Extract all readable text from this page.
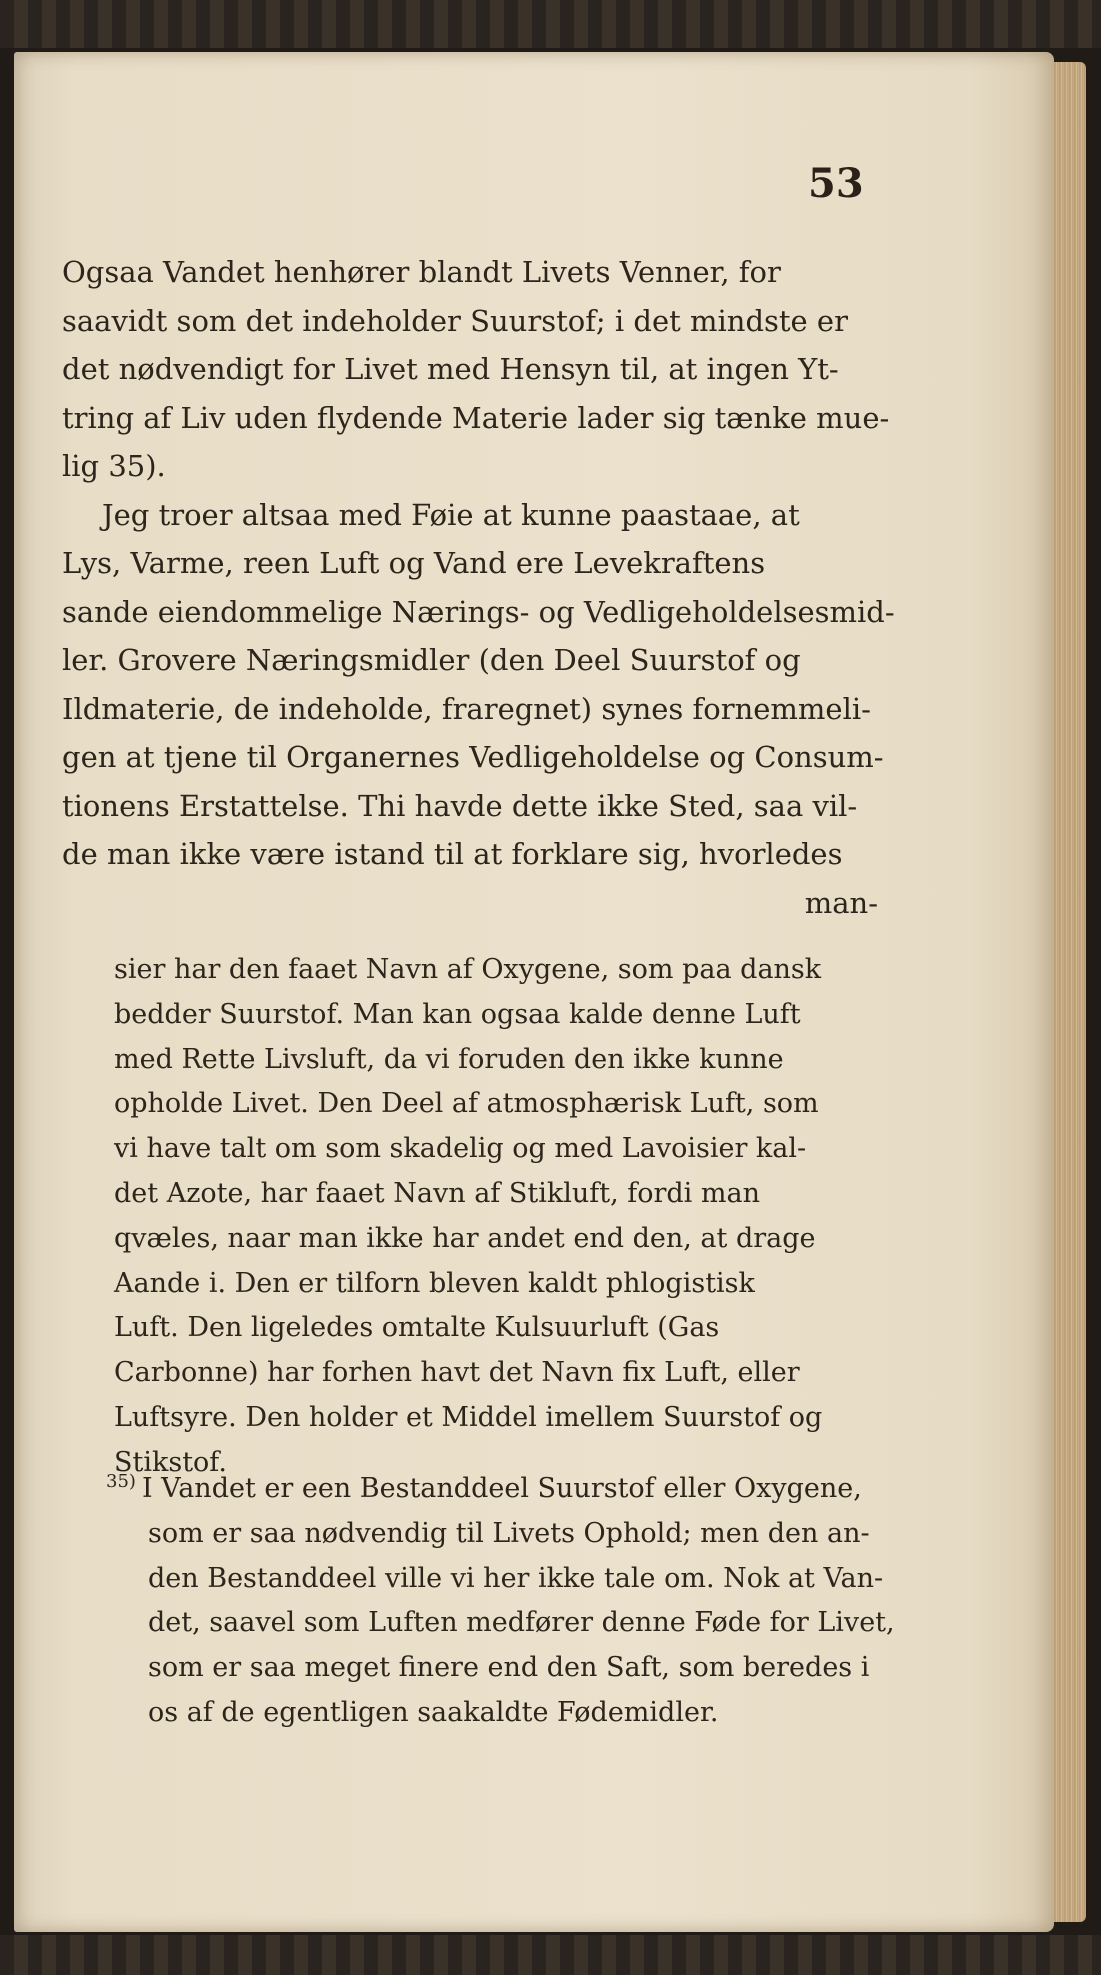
53
Ogsaa Vandet henhører blandt Livets Venner, for
saavidt som det indeholder Suurstof; i det mindste er
det nødvendigt for Livet med Hensyn til, at ingen Yt-
tring af Liv uden flydende Materie lader sig tænke mue-
lig 35).
Jeg troer altsaa med Føie at kunne paastaae, at
Lys, Varme, reen Luft og Vand ere Levekraftens
sande eiendommelige Nærings- og Vedligeholdelsesmid-
ler. Grovere Næringsmidler (den Deel Suurstof og
Ildmaterie, de indeholde, fraregnet) synes fornemmeli-
gen at tjene til Organernes Vedligeholdelse og Consum-
tionens Erstattelse. Thi havde dette ikke Sted, saa vil-
de man ikke være istand til at forklare sig, hvorledes
man-
sier har den faaet Navn af Oxygene, som paa dansk
bedder Suurstof. Man kan ogsaa kalde denne Luft
med Rette Livsluft, da vi foruden den ikke kunne
opholde Livet. Den Deel af atmosphærisk Luft, som
vi have talt om som skadelig og med Lavoisier kal-
det Azote, har faaet Navn af Stikluft, fordi man
qvæles, naar man ikke har andet end den, at drage
Aande i. Den er tilforn bleven kaldt phlogistisk
Luft. Den ligeledes omtalte Kulsuurluft (Gas
Carbonne) har forhen havt det Navn fix Luft, eller
Luftsyre. Den holder et Middel imellem Suurstof og
Stikstof.
$^{35)}$ I Vandet er een Bestanddeel Suurstof eller Oxygene,
som er saa nødvendig til Livets Ophold; men den an-
den Bestanddeel ville vi her ikke tale om. Nok at Van-
det, saavel som Luften medfører denne Føde for Livet,
som er saa meget finere end den Saft, som beredes i
os af de egentligen saakaldte Fødemidler.
